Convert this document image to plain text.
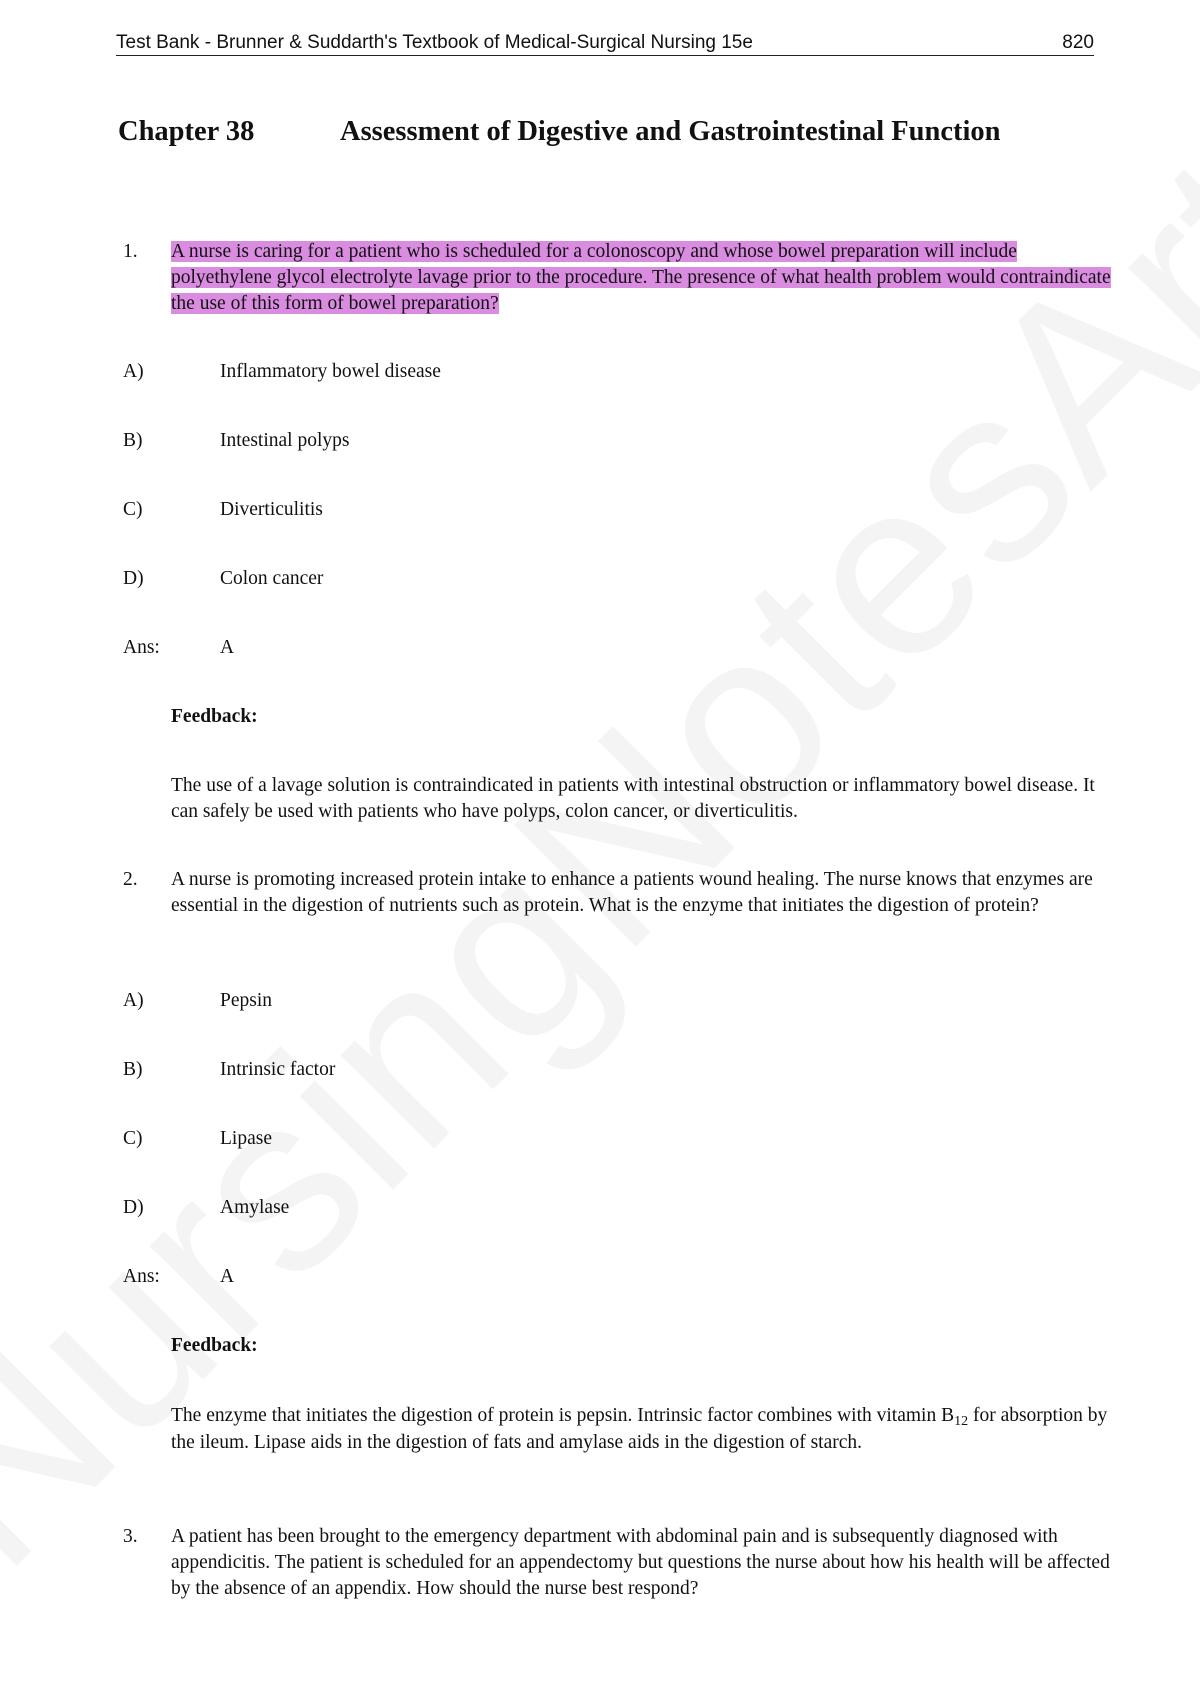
Test Bank - Brunner & Suddarth's Textbook of Medical-Surgical Nursing 15e	820
Chapter 38	Assessment of Digestive and Gastrointestinal Function
1. A nurse is caring for a patient who is scheduled for a colonoscopy and whose bowel preparation will include polyethylene glycol electrolyte lavage prior to the procedure. The presence of what health problem would contraindicate the use of this form of bowel preparation?
A)	Inflammatory bowel disease
B)	Intestinal polyps
C)	Diverticulitis
D)	Colon cancer
Ans:	A
Feedback:
The use of a lavage solution is contraindicated in patients with intestinal obstruction or inflammatory bowel disease. It can safely be used with patients who have polyps, colon cancer, or diverticulitis.
2. A nurse is promoting increased protein intake to enhance a patients wound healing. The nurse knows that enzymes are essential in the digestion of nutrients such as protein. What is the enzyme that initiates the digestion of protein?
A)	Pepsin
B)	Intrinsic factor
C)	Lipase
D)	Amylase
Ans:	A
Feedback:
The enzyme that initiates the digestion of protein is pepsin. Intrinsic factor combines with vitamin $B_{12}$ for absorption by the ileum. Lipase aids in the digestion of fats and amylase aids in the digestion of starch.
3. A patient has been brought to the emergency department with abdominal pain and is subsequently diagnosed with appendicitis. The patient is scheduled for an appendectomy but questions the nurse about how his health will be affected by the absence of an appendix. How should the nurse best respond?
